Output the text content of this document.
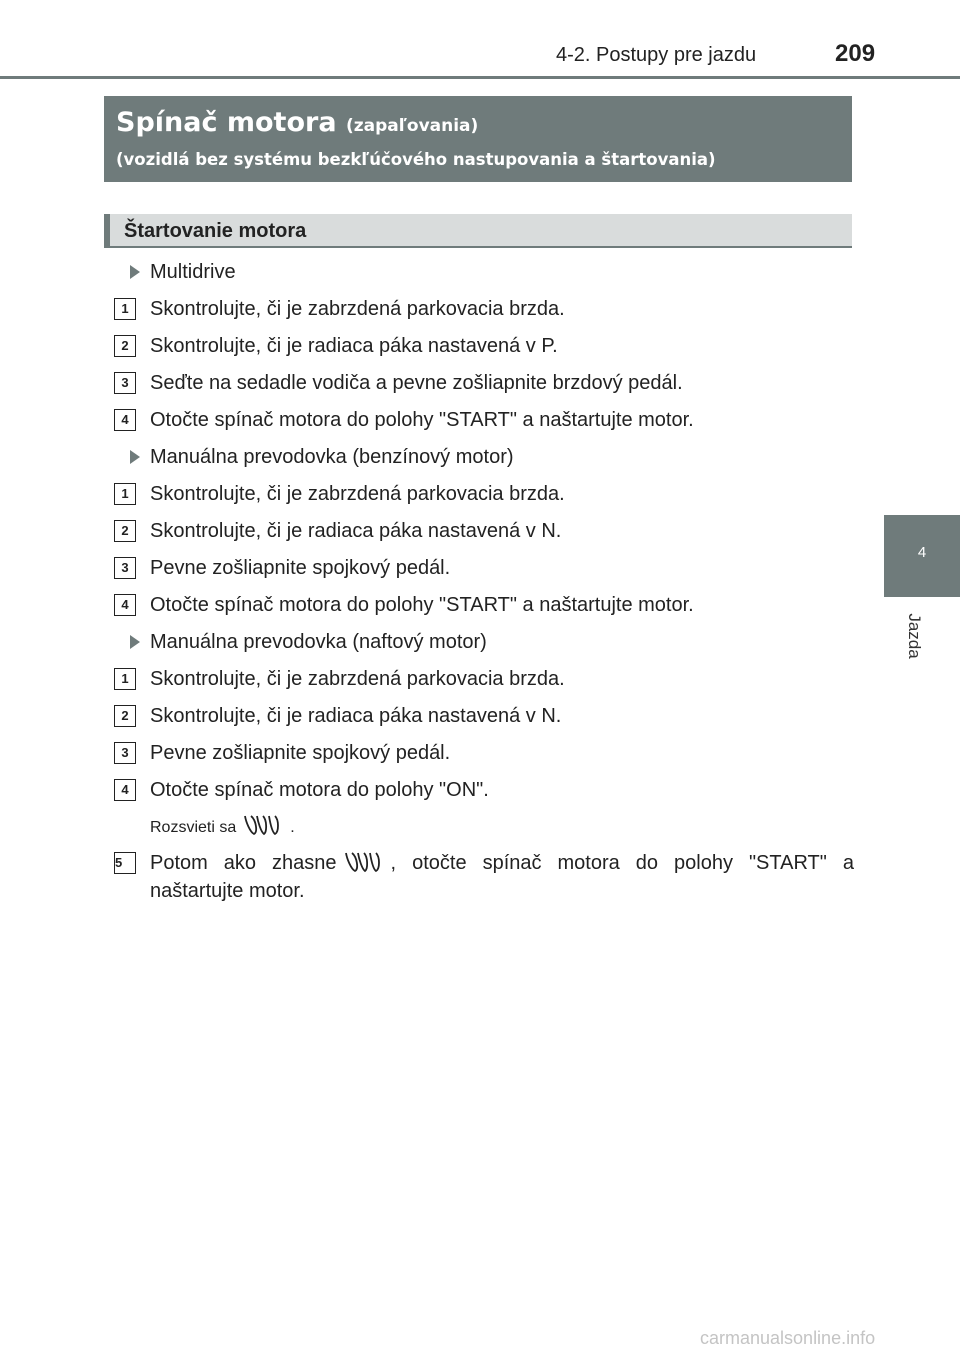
4-2. Postupy pre jazdu	209
Spínač motora (zapaľovania)
(vozidlá bez systému bezkľúčového nastupovania a štartovania)
Štartovanie motora
Multidrive
1	Skontrolujte, či je zabrzdená parkovacia brzda.
2	Skontrolujte, či je radiaca páka nastavená v P.
3	Seďte na sedadle vodiča a pevne zošliapnite brzdový pedál.
4	Otočte spínač motora do polohy "START" a naštartujte motor.
Manuálna prevodovka (benzínový motor)
1	Skontrolujte, či je zabrzdená parkovacia brzda.
2	Skontrolujte, či je radiaca páka nastavená v N.
3	Pevne zošliapnite spojkový pedál.
4	Otočte spínač motora do polohy "START" a naštartujte motor.
Manuálna prevodovka (naftový motor)
1	Skontrolujte, či je zabrzdená parkovacia brzda.
2	Skontrolujte, či je radiaca páka nastavená v N.
3	Pevne zošliapnite spojkový pedál.
4	Otočte spínač motora do polohy "ON".
Rozsvieti sa	.
5	Potom ako zhasne	, otočte spínač motora do polohy "START" a naštartujte motor.
4
Jazda
carmanualsonline.info
